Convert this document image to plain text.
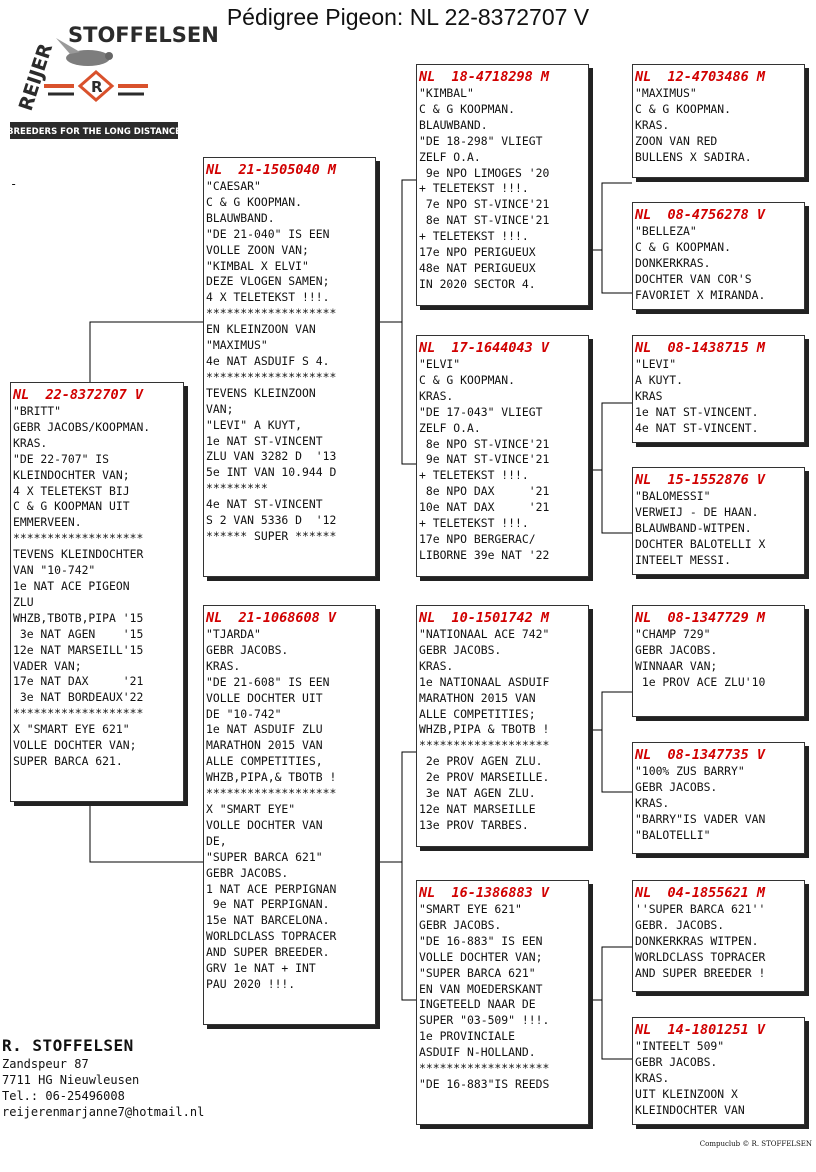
Pédigree Pigeon: NL 22-8372707 V
STOFFELSEN
REIJER R
BREEDERS FOR THE LONG DISTANCE
-
NL  22-8372707 V
"BRITT"
GEBR JACOBS/KOOPMAN.
KRAS.
"DE 22-707" IS
KLEINDOCHTER VAN;
4 X TELETEKST BIJ
C & G KOOPMAN UIT
EMMERVEEN.
*******************
TEVENS KLEINDOCHTER
VAN "10-742"
1e NAT ACE PIGEON
ZLU
WHZB,TBOTB,PIPA '15
3e NAT AGEN    '15
12e NAT MARSEILL'15
VADER VAN;
17e NAT DAX     '21
3e NAT BORDEAUX'22
*******************
X "SMART EYE 621"
VOLLE DOCHTER VAN;
SUPER BARCA 621.
NL  21-1505040 M
"CAESAR"
C & G KOOPMAN.
BLAUWBAND.
"DE 21-040" IS EEN
VOLLE ZOON VAN;
"KIMBAL X ELVI"
DEZE VLOGEN SAMEN;
4 X TELETEKST !!!.
*******************
EN KLEINZOON VAN
"MAXIMUS"
4e NAT ASDUIF S 4.
*******************
TEVENS KLEINZOON
VAN;
"LEVI" A KUYT,
1e NAT ST-VINCENT
ZLU VAN 3282 D  '13
5e INT VAN 10.944 D
*********
4e NAT ST-VINCENT
S 2 VAN 5336 D  '12
****** SUPER ******
NL  21-1068608 V
"TJARDA"
GEBR JACOBS.
KRAS.
"DE 21-608" IS EEN
VOLLE DOCHTER UIT
DE "10-742"
1e NAT ASDUIF ZLU
MARATHON 2015 VAN
ALLE COMPETITIES,
WHZB,PIPA,& TBOTB !
*******************
X "SMART EYE"
VOLLE DOCHTER VAN
DE,
"SUPER BARCA 621"
GEBR JACOBS.
1 NAT ACE PERPIGNAN
9e NAT PERPIGNAN.
15e NAT BARCELONA.
WORLDCLASS TOPRACER
AND SUPER BREEDER.
GRV 1e NAT + INT
PAU 2020 !!!.
NL  18-4718298 M
"KIMBAL"
C & G KOOPMAN.
BLAUWBAND.
"DE 18-298" VLIEGT
ZELF O.A.
9e NPO LIMOGES '20
+ TELETEKST !!!.
7e NPO ST-VINCE'21
8e NAT ST-VINCE'21
+ TELETEKST !!!.
17e NPO PERIGUEUX
48e NAT PERIGUEUX
IN 2020 SECTOR 4.
NL  17-1644043 V
"ELVI"
C & G KOOPMAN.
KRAS.
"DE 17-043" VLIEGT
ZELF O.A.
8e NPO ST-VINCE'21
9e NAT ST-VINCE'21
+ TELETEKST !!!.
8e NPO DAX     '21
10e NAT DAX     '21
+ TELETEKST !!!.
17e NPO BERGERAC/
LIBORNE 39e NAT '22
NL  10-1501742 M
"NATIONAAL ACE 742"
GEBR JACOBS.
KRAS.
1e NATIONAAL ASDUIF
MARATHON 2015 VAN
ALLE COMPETITIES;
WHZB,PIPA & TBOTB !
*******************
2e PROV AGEN ZLU.
2e PROV MARSEILLE.
3e NAT AGEN ZLU.
12e NAT MARSEILLE
13e PROV TARBES.
NL  16-1386883 V
"SMART EYE 621"
GEBR JACOBS.
"DE 16-883" IS EEN
VOLLE DOCHTER VAN;
"SUPER BARCA 621"
EN VAN MOEDERSKANT
INGETEELD NAAR DE
SUPER "03-509" !!!.
1e PROVINCIALE
ASDUIF N-HOLLAND.
*******************
"DE 16-883"IS REEDS
NL  12-4703486 M
"MAXIMUS"
C & G KOOPMAN.
KRAS.
ZOON VAN RED
BULLENS X SADIRA.
NL  08-4756278 V
"BELLEZA"
C & G KOOPMAN.
DONKERKRAS.
DOCHTER VAN COR'S
FAVORIET X MIRANDA.
NL  08-1438715 M
"LEVI"
A KUYT.
KRAS
1e NAT ST-VINCENT.
4e NAT ST-VINCENT.
NL  15-1552876 V
"BALOMESSI"
VERWEIJ - DE HAAN.
BLAUWBAND-WITPEN.
DOCHTER BALOTELLI X
INTEELT MESSI.
NL  08-1347729 M
"CHAMP 729"
GEBR JACOBS.
WINNAAR VAN;
1e PROV ACE ZLU'10
NL  08-1347735 V
"100% ZUS BARRY"
GEBR JACOBS.
KRAS.
"BARRY"IS VADER VAN
"BALOTELLI"
NL  04-1855621 M
''SUPER BARCA 621''
GEBR. JACOBS.
DONKERKRAS WITPEN.
WORLDCLASS TOPRACER
AND SUPER BREEDER !
NL  14-1801251 V
"INTEELT 509"
GEBR JACOBS.
KRAS.
UIT KLEINZOON X
KLEINDOCHTER VAN
R. STOFFELSEN
Zandspeur 87
7711 HG Nieuwleusen
Tel.: 06-25496008
reijerenmarjanne7@hotmail.nl
Compuclub © R. STOFFELSEN
